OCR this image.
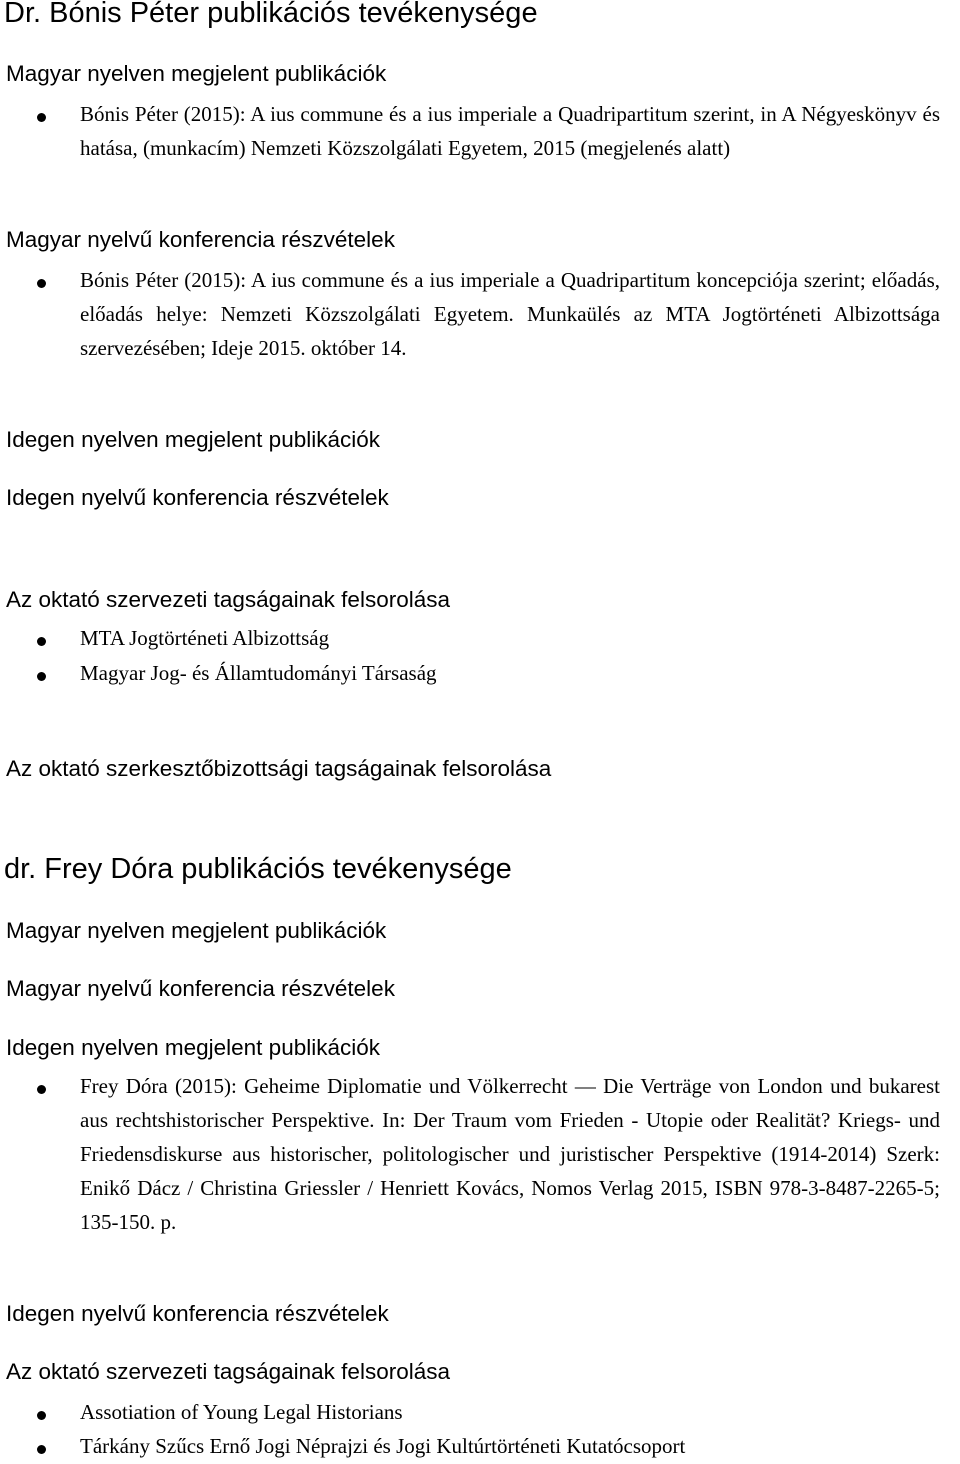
Dr. Bónis Péter publikációs tevékenysége
Magyar nyelven megjelent publikációk

Bónis Péter (2015): A ius commune és a ius imperiale a Quadripartitum szerint, in A Négyeskönyv és hatása, (munkacím) Nemzeti Közszolgálati Egyetem, 2015 (megjelenés alatt)

Magyar nyelvű konferencia részvételek

Bónis Péter (2015): A ius commune és a ius imperiale a Quadripartitum koncepciója szerint; előadás, előadás helye: Nemzeti Közszolgálati Egyetem. Munkaülés az MTA Jogtörténeti Albizottsága szervezésében; Ideje 2015. október 14.

Idegen nyelven megjelent publikációk
Idegen nyelvű konferencia részvételek
Az oktató szervezeti tagságainak felsorolása

MTA Jogtörténeti Albizottság

Magyar Jog- és Államtudományi Társaság

Az oktató szerkesztőbizottsági tagságainak felsorolása
dr. Frey Dóra publikációs tevékenysége
Magyar nyelven megjelent publikációk
Magyar nyelvű konferencia részvételek
Idegen nyelven megjelent publikációk

Frey Dóra (2015): Geheime Diplomatie und Völkerrecht — Die Verträge von London und bukarest aus rechtshistorischer Perspektive. In: Der Traum vom Frieden - Utopie oder Realität? Kriegs- und Friedensdiskurse aus historischer, politologischer und juristischer Perspektive (1914-2014) Szerk: Enikő Dácz / Christina Griessler / Henriett Kovács, Nomos Verlag 2015, ISBN 978-3-8487-2265-5; 135-150. p.

Idegen nyelvű konferencia részvételek
Az oktató szervezeti tagságainak felsorolása

Assotiation of Young Legal Historians

Tárkány Szűcs Ernő Jogi Néprajzi és Jogi Kultúrtörténeti Kutatócsoport
